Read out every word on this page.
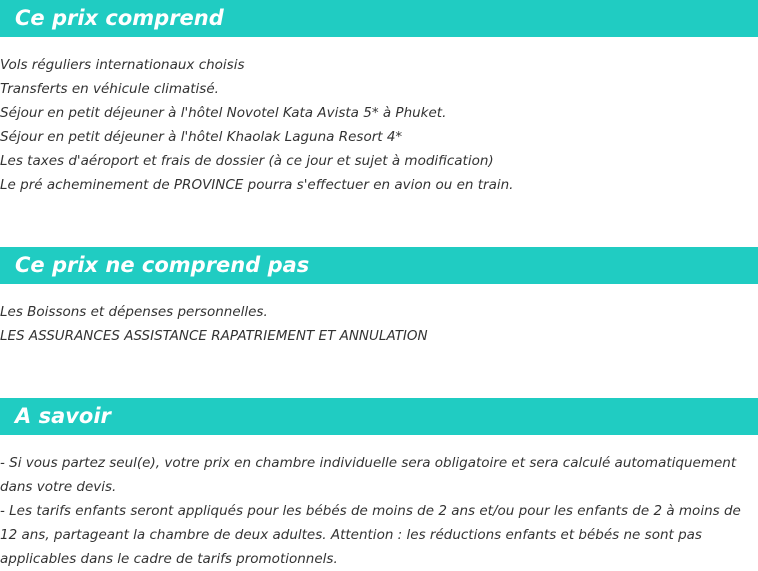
Ce prix comprend
Vols réguliers internationaux choisis
Transferts en véhicule climatisé.
Séjour en petit déjeuner à l'hôtel Novotel Kata Avista 5* à Phuket.
Séjour en petit déjeuner à l'hôtel Khaolak Laguna Resort 4*
Les taxes d'aéroport et frais de dossier (à ce jour et sujet à modification)
Le pré acheminement de PROVINCE pourra s'effectuer en avion ou en train.
Ce prix ne comprend pas
Les Boissons et dépenses personnelles.
LES ASSURANCES ASSISTANCE RAPATRIEMENT ET ANNULATION
A savoir

- Si vous partez seul(e), votre prix en chambre individuelle sera obligatoire et sera calculé automatiquement dans votre devis.

- Les tarifs enfants seront appliqués pour les bébés de moins de 2 ans et/ou pour les enfants de 2 à moins de 12 ans, partageant la chambre de deux adultes. Attention : les réductions enfants et bébés ne sont pas applicables dans le cadre de tarifs promotionnels.
